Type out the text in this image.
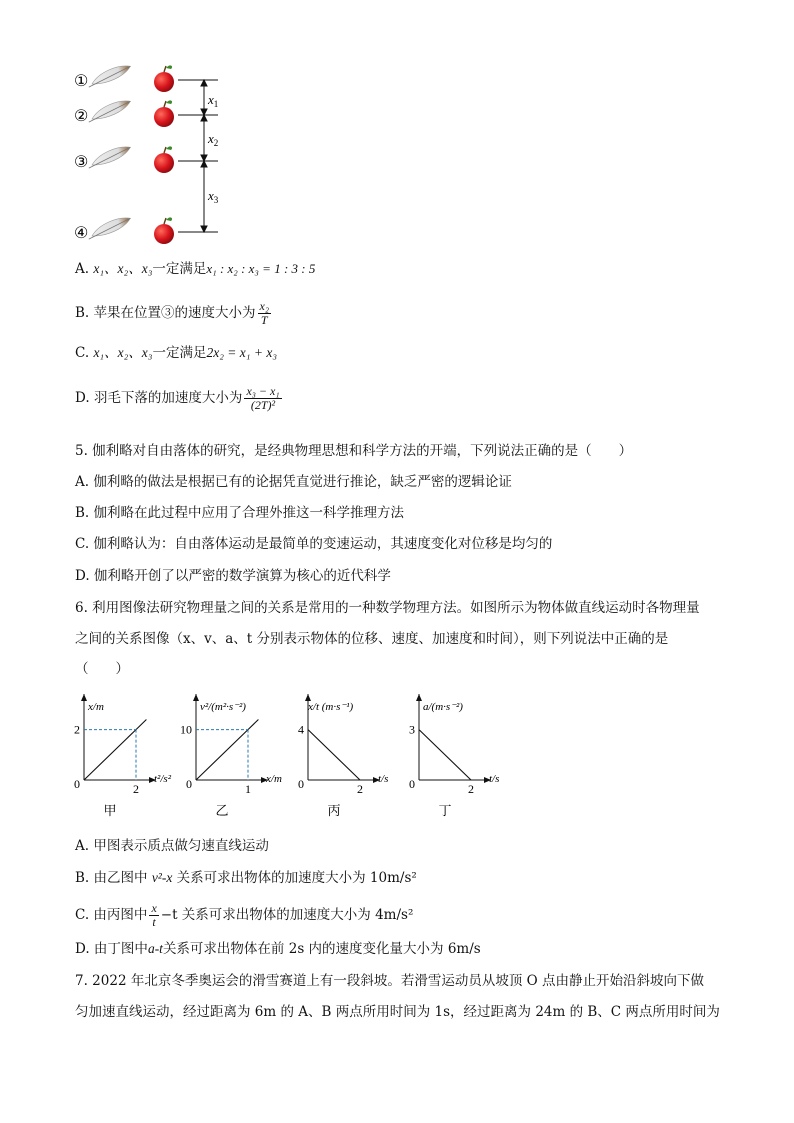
①
②
③
④
$x_1$
$x_2$
$x_3$
A. x₁、x₂、x₃一定满足x₁ : x₂ : x₃ = 1 : 3 : 5
B. 苹果在位置③的速度大小为 $\frac{\text{x₂}}{T}$
C. x₁、x₂、x₃一定满足2x₂ = x₁ + x₃
D. 羽毛下落的加速度大小为 $\frac{\text{x₃ − x₁}}{\text{(2T)²}}$
5. 伽利略对自由落体的研究，是经典物理思想和科学方法的开端，下列说法正确的是（　　）
A. 伽利略的做法是根据已有的论据凭直觉进行推论，缺乏严密的逻辑论证
B. 伽利略在此过程中应用了合理外推这一科学推理方法
C. 伽利略认为：自由落体运动是最简单的变速运动，其速度变化对位移是均匀的
D. 伽利略开创了以严密的数学演算为核心的近代科学
6. 利用图像法研究物理量之间的关系是常用的一种数学物理方法。如图所示为物体做直线运动时各物理量
之间的关系图像（x、v、a、t 分别表示物体的位移、速度、加速度和时间），则下列说法中正确的是
（　　）
2
0	2
t²/s²
x/m
甲
10
0	1
x/m
v²/(m²·s⁻²)
乙
4
0	2
t/s
x/t (m·s⁻¹)
丙
3
0	2
t/s
a/(m·s⁻²)
丁
A. 甲图表示质点做匀速直线运动
B. 由乙图中 v²-x 关系可求出物体的加速度大小为 10m/s²
C. 由丙图中 $\frac{x}{t} -t$ 关系可求出物体的加速度大小为 4m/s²
D. 由丁图中a-t关系可求出物体在前 2s 内的速度变化量大小为 6m/s
7. 2022 年北京冬季奥运会的滑雪赛道上有一段斜坡。若滑雪运动员从坡顶 O 点由静止开始沿斜坡向下做
匀加速直线运动，经过距离为 6m 的 A、B 两点所用时间为 1s，经过距离为 24m 的 B、C 两点所用时间为
